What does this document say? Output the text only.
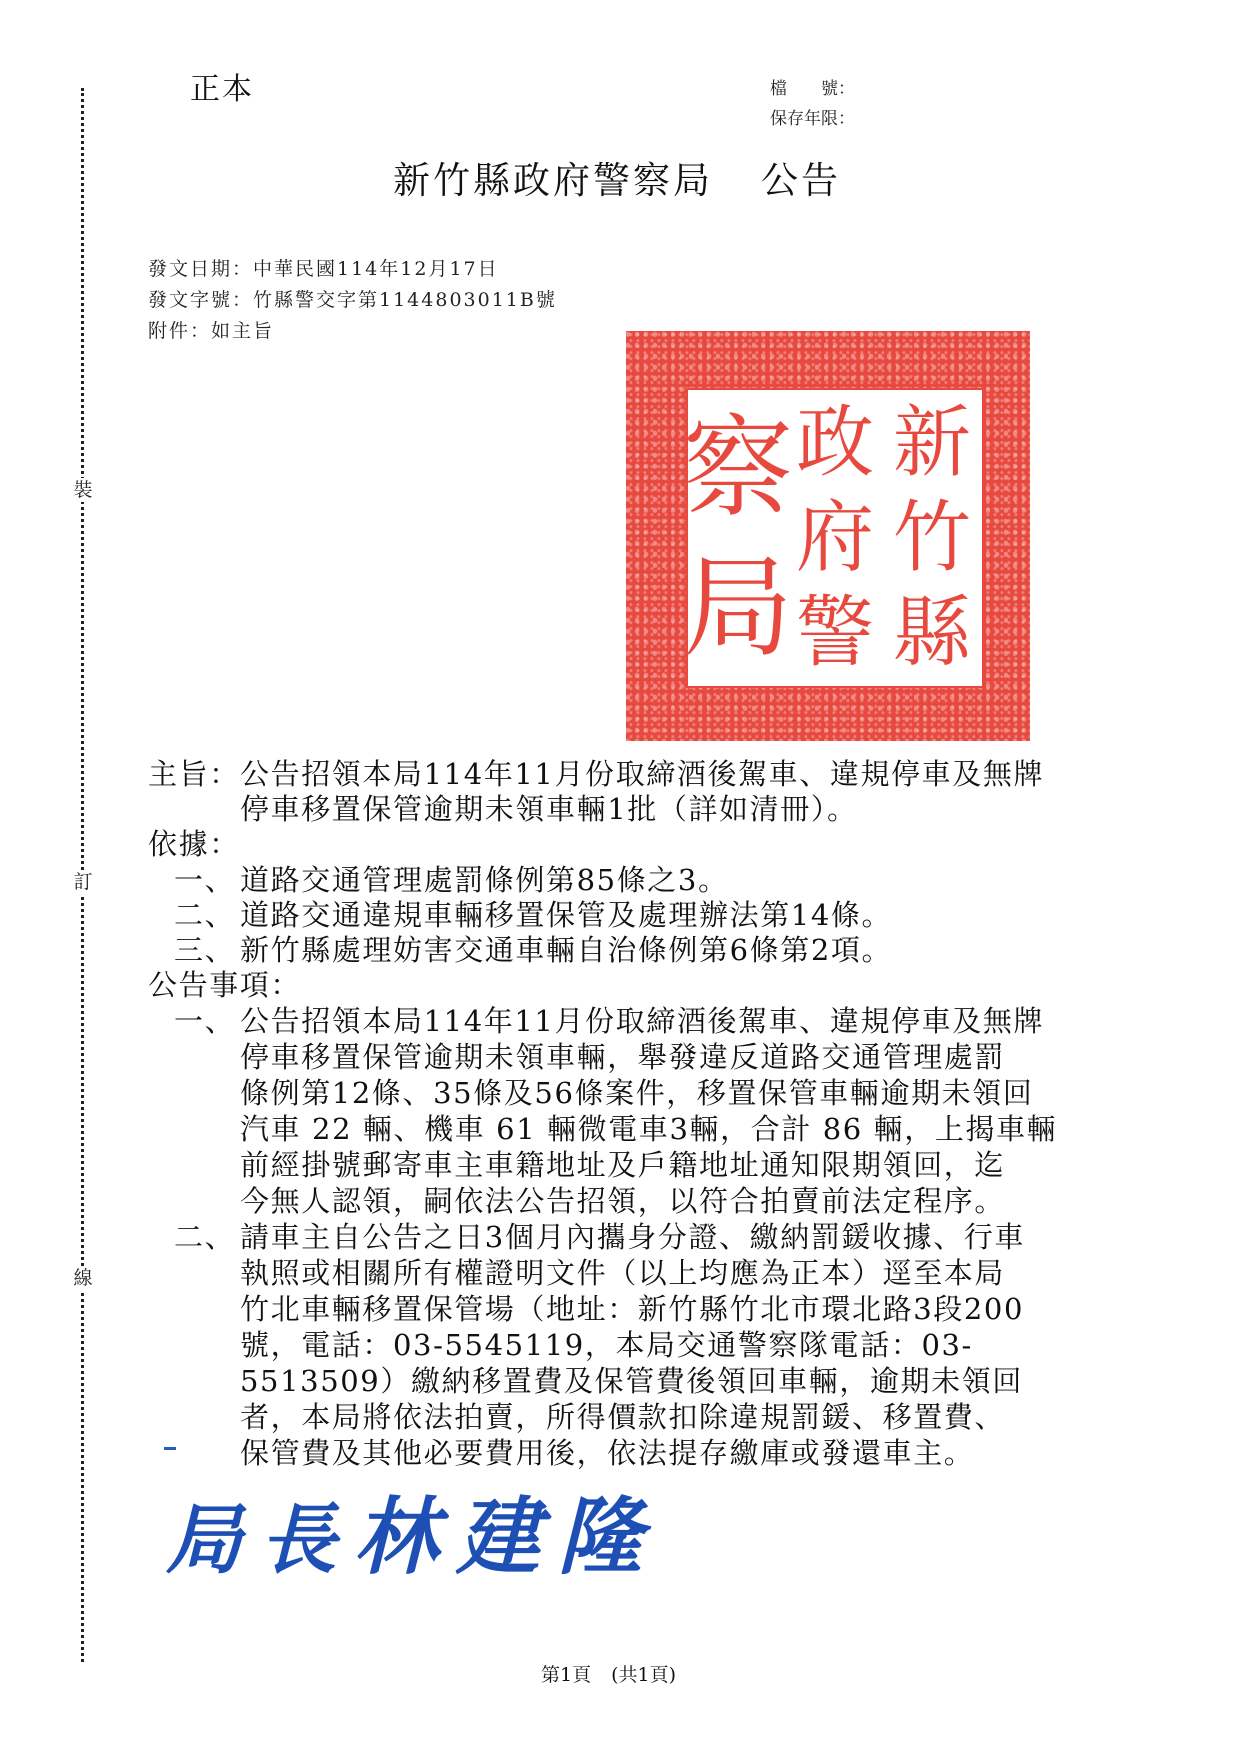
裝
訂
線
正本	檔 號：
保存年限：
新竹縣政府警察局 公告
發文日期：中華民國114年12月17日
發文字號：竹縣警交字第1144803011B號
附件：如主旨
新
竹
縣
政
府
警
察
局
主旨： 公告招領本局114年11月份取締酒後駕車、違規停車及無牌
停車移置保管逾期未領車輛1批（詳如清冊）。
依據：
一、 道路交通管理處罰條例第85條之3。
二、 道路交通違規車輛移置保管及處理辦法第14條。
三、 新竹縣處理妨害交通車輛自治條例第6條第2項。
公告事項：
一、 公告招領本局114年11月份取締酒後駕車、違規停車及無牌
停車移置保管逾期未領車輛，舉發違反道路交通管理處罰
條例第12條、35條及56條案件，移置保管車輛逾期未領回
汽車 22 輛、機車 61 輛微電車3輛，合計 86 輛，上揭車輛
前經掛號郵寄車主車籍地址及戶籍地址通知限期領回，迄
今無人認領，嗣依法公告招領，以符合拍賣前法定程序。
二、 請車主自公告之日3個月內攜身分證、繳納罰鍰收據、行車
執照或相關所有權證明文件（以上均應為正本）逕至本局
竹北車輛移置保管場（地址：新竹縣竹北市環北路3段200
號，電話：03-5545119，本局交通警察隊電話：03-
5513509）繳納移置費及保管費後領回車輛，逾期未領回
者，本局將依法拍賣，所得價款扣除違規罰鍰、移置費、
保管費及其他必要費用後，依法提存繳庫或發還車主。
局長林建隆
第1頁 (共1頁)
